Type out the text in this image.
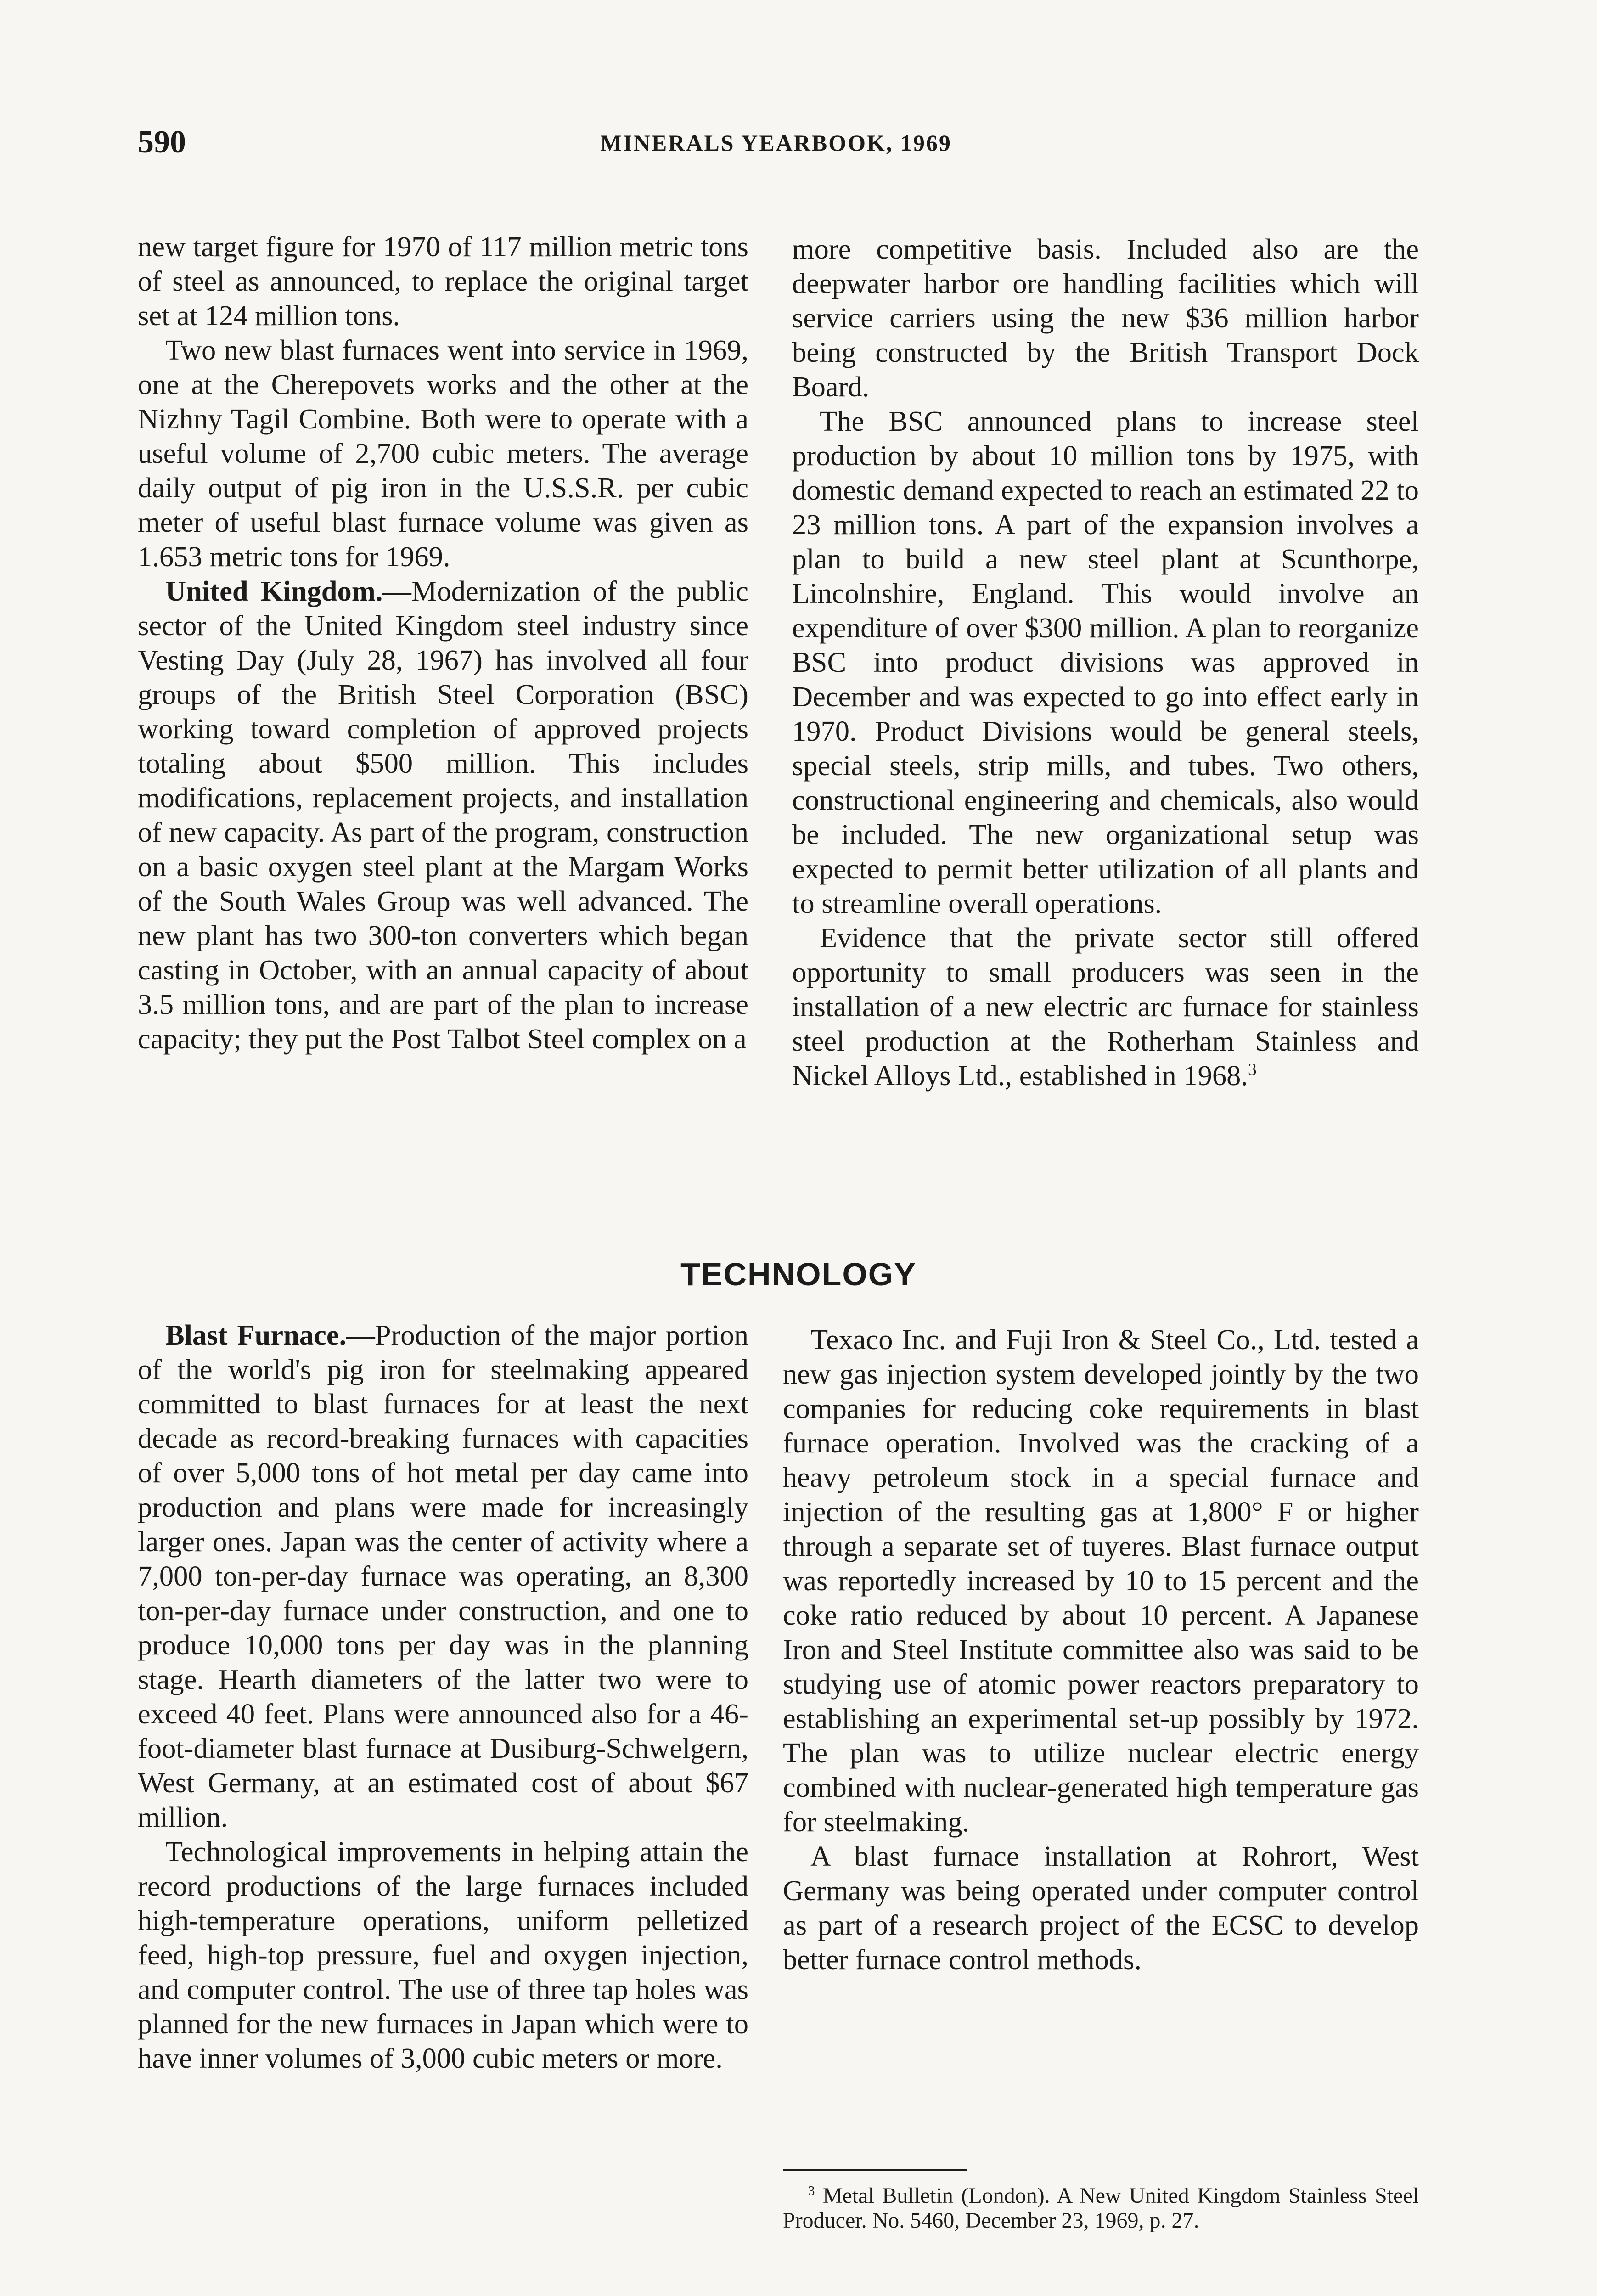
590	MINERALS YEARBOOK, 1969

new target figure for 1970 of 117 million metric tons of steel as announced, to replace the original target set at 124 million tons.

Two new blast furnaces went into service in 1969, one at the Cherepovets works and the other at the Nizhny Tagil Combine. Both were to operate with a useful volume of 2,700 cubic meters. The average daily output of pig iron in the U.S.S.R. per cubic meter of useful blast furnace volume was given as 1.653 metric tons for 1969.

United Kingdom.—Modernization of the public sector of the United Kingdom steel industry since Vesting Day (July 28, 1967) has involved all four groups of the British Steel Corporation (BSC) working toward completion of approved projects totaling about $500 million. This includes modifications, replacement projects, and installation of new capacity. As part of the program, construction on a basic oxygen steel plant at the Margam Works of the South Wales Group was well advanced. The new plant has two 300-ton converters which began casting in October, with an annual capacity of about 3.5 million tons, and are part of the plan to increase capacity; they put the Post Talbot Steel complex on a

more competitive basis. Included also are the deepwater harbor ore handling facilities which will service carriers using the new $36 million harbor being constructed by the British Transport Dock Board.

The BSC announced plans to increase steel production by about 10 million tons by 1975, with domestic demand expected to reach an estimated 22 to 23 million tons. A part of the expansion involves a plan to build a new steel plant at Scunthorpe, Lincolnshire, England. This would involve an expenditure of over $300 million. A plan to reorganize BSC into product divisions was approved in December and was expected to go into effect early in 1970. Product Divisions would be general steels, special steels, strip mills, and tubes. Two others, constructional engineering and chemicals, also would be included. The new organizational setup was expected to permit better utilization of all plants and to streamline overall operations.

Evidence that the private sector still offered opportunity to small producers was seen in the installation of a new electric arc furnace for stainless steel production at the Rotherham Stainless and Nickel Alloys Ltd., established in 1968.$^3$

TECHNOLOGY

Blast Furnace.—Production of the major portion of the world's pig iron for steelmaking appeared committed to blast furnaces for at least the next decade as record-breaking furnaces with capacities of over 5,000 tons of hot metal per day came into production and plans were made for increasingly larger ones. Japan was the center of activity where a 7,000 ton-per-day furnace was operating, an 8,300 ton-per-day furnace under construction, and one to produce 10,000 tons per day was in the planning stage. Hearth diameters of the latter two were to exceed 40 feet. Plans were announced also for a 46-foot-diameter blast furnace at Dusiburg-Schwelgern, West Germany, at an estimated cost of about $67 million.

Technological improvements in helping attain the record productions of the large furnaces included high-temperature operations, uniform pelletized feed, high-top pressure, fuel and oxygen injection, and computer control. The use of three tap holes was planned for the new furnaces in Japan which were to have inner volumes of 3,000 cubic meters or more.

Texaco Inc. and Fuji Iron & Steel Co., Ltd. tested a new gas injection system developed jointly by the two companies for reducing coke requirements in blast furnace operation. Involved was the cracking of a heavy petroleum stock in a special furnace and injection of the resulting gas at 1,800° F or higher through a separate set of tuyeres. Blast furnace output was reportedly increased by 10 to 15 percent and the coke ratio reduced by about 10 percent. A Japanese Iron and Steel Institute committee also was said to be studying use of atomic power reactors preparatory to establishing an experimental set-up possibly by 1972. The plan was to utilize nuclear electric energy combined with nuclear-generated high temperature gas for steelmaking.

A blast furnace installation at Rohrort, West Germany was being operated under computer control as part of a research project of the ECSC to develop better furnace control methods.

$^3$ Metal Bulletin (London). A New United Kingdom Stainless Steel Producer. No. 5460, December 23, 1969, p. 27.
